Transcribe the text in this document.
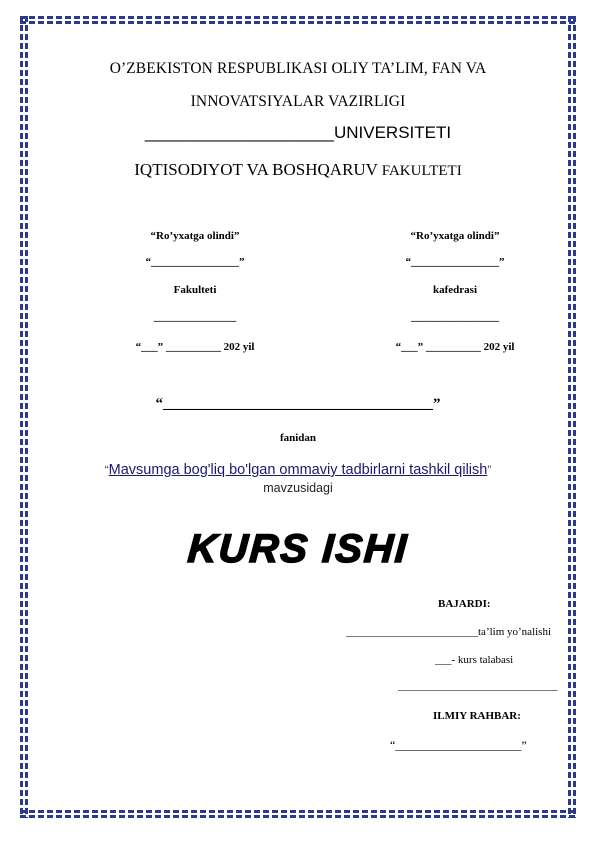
O’ZBEKISTON RESPUBLIKASI OLIY TA’LIM, FAN VA
INNOVATSIYALAR VAZIRLIGI
____________________UNIVERSITETI
IQTISODIYOT VA BOSHQARUV FAKULTETI
“Ro’yxatga olindi”
“________________”
Fakulteti
_______________
“___” __________ 202 yil
“Ro’yxatga olindi”
“________________”
kafedrasi
________________
“___” __________ 202 yil
“____________________________________”
fanidan
“Mavsumga bog'liq bo'lgan ommaviy tadbirlarni tashkil qilish”
mavzusidagi
KURS ISHI
BAJARDI:
________________________ta’lim yo’nalishi
___- kurs talabasi
_____________________________
ILMIY RAHBAR:
“_____________________”
